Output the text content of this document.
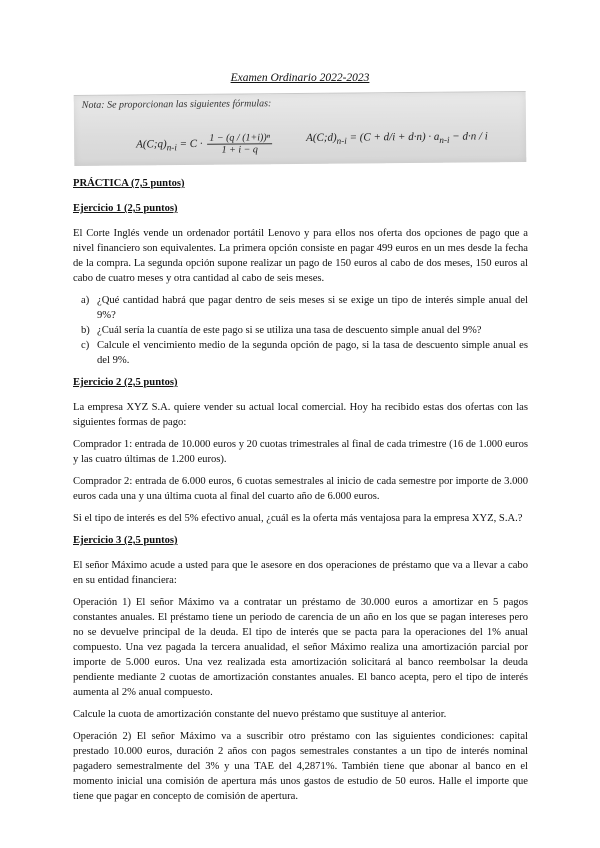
Examen Ordinario 2022-2023
Nota: Se proporcionan las siguientes fórmulas:
$A(C;q)_{n-i} = C \cdot \frac{\text{1 − (q / (1+i))ⁿ}}{1 + i - q}$	$A(C;d)_{n-i} = (C + d/i + d\cdot n) \cdot a_{n-i} - d\cdot n / i$

PRÁCTICA (7,5 puntos)

Ejercicio 1 (2,5 puntos)

El Corte Inglés vende un ordenador portátil Lenovo y para ellos nos oferta dos opciones de pago que a nivel financiero son equivalentes. La primera opción consiste en pagar 499 euros en un mes desde la fecha de la compra. La segunda opción supone realizar un pago de 150 euros al cabo de dos meses, 150 euros al cabo de cuatro meses y otra cantidad al cabo de seis meses.

a) ¿Qué cantidad habrá que pagar dentro de seis meses si se exige un tipo de interés simple anual del 9%?
b) ¿Cuál sería la cuantía de este pago si se utiliza una tasa de descuento simple anual del 9%?
c) Calcule el vencimiento medio de la segunda opción de pago, si la tasa de descuento simple anual es del 9%.

Ejercicio 2 (2,5 puntos)

La empresa XYZ S.A. quiere vender su actual local comercial. Hoy ha recibido estas dos ofertas con las siguientes formas de pago:

Comprador 1: entrada de 10.000 euros y 20 cuotas trimestrales al final de cada trimestre (16 de 1.000 euros y las cuatro últimas de 1.200 euros).

Comprador 2: entrada de 6.000 euros, 6 cuotas semestrales al inicio de cada semestre por importe de 3.000 euros cada una y una última cuota al final del cuarto año de 6.000 euros.

Si el tipo de interés es del 5% efectivo anual, ¿cuál es la oferta más ventajosa para la empresa XYZ, S.A.?

Ejercicio 3 (2,5 puntos)

El señor Máximo acude a usted para que le asesore en dos operaciones de préstamo que va a llevar a cabo en su entidad financiera:

Operación 1) El señor Máximo va a contratar un préstamo de 30.000 euros a amortizar en 5 pagos constantes anuales. El préstamo tiene un periodo de carencia de un año en los que se pagan intereses pero no se devuelve principal de la deuda. El tipo de interés que se pacta para la operaciones del 1% anual compuesto. Una vez pagada la tercera anualidad, el señor Máximo realiza una amortización parcial por importe de 5.000 euros. Una vez realizada esta amortización solicitará al banco reembolsar la deuda pendiente mediante 2 cuotas de amortización constantes anuales. El banco acepta, pero el tipo de interés aumenta al 2% anual compuesto.

Calcule la cuota de amortización constante del nuevo préstamo que sustituye al anterior.

Operación 2) El señor Máximo va a suscribir otro préstamo con las siguientes condiciones: capital prestado 10.000 euros, duración 2 años con pagos semestrales constantes a un tipo de interés nominal pagadero semestralmente del 3% y una TAE del 4,2871%. También tiene que abonar al banco en el momento inicial una comisión de apertura más unos gastos de estudio de 50 euros. Halle el importe que tiene que pagar en concepto de comisión de apertura.
